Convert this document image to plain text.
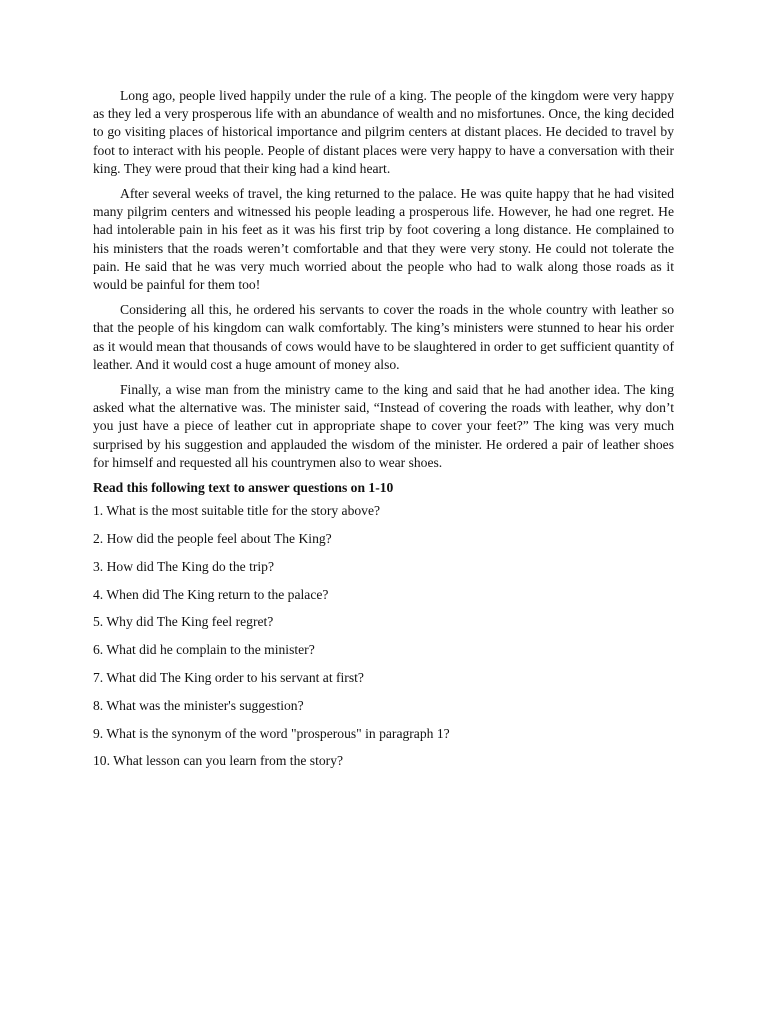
Long ago, people lived happily under the rule of a king. The people of the kingdom were very happy as they led a very prosperous life with an abundance of wealth and no misfortunes. Once, the king decided to go visiting places of historical importance and pilgrim centers at distant places. He decided to travel by foot to interact with his people. People of distant places were very happy to have a conversation with their king. They were proud that their king had a kind heart.

After several weeks of travel, the king returned to the palace. He was quite happy that he had visited many pilgrim centers and witnessed his people leading a prosperous life. However, he had one regret. He had intolerable pain in his feet as it was his first trip by foot covering a long distance. He complained to his ministers that the roads weren’t comfortable and that they were very stony. He could not tolerate the pain. He said that he was very much worried about the people who had to walk along those roads as it would be painful for them too!

Considering all this, he ordered his servants to cover the roads in the whole country with leather so that the people of his kingdom can walk comfortably. The king’s ministers were stunned to hear his order as it would mean that thousands of cows would have to be slaughtered in order to get sufficient quantity of leather. And it would cost a huge amount of money also.

Finally, a wise man from the ministry came to the king and said that he had another idea. The king asked what the alternative was. The minister said, “Instead of covering the roads with leather, why don’t you just have a piece of leather cut in appropriate shape to cover your feet?” The king was very much surprised by his suggestion and applauded the wisdom of the minister. He ordered a pair of leather shoes for himself and requested all his countrymen also to wear shoes.

Read this following text to answer questions on 1-10

1. What is the most suitable title for the story above?
2. How did the people feel about The King?
3. How did The King do the trip?
4. When did The King return to the palace?
5. Why did The King feel regret?
6. What did he complain to the minister?
7. What did The King order to his servant at first?
8. What was the minister's suggestion?
9. What is the synonym of the word "prosperous" in paragraph 1?
10. What lesson can you learn from the story?
